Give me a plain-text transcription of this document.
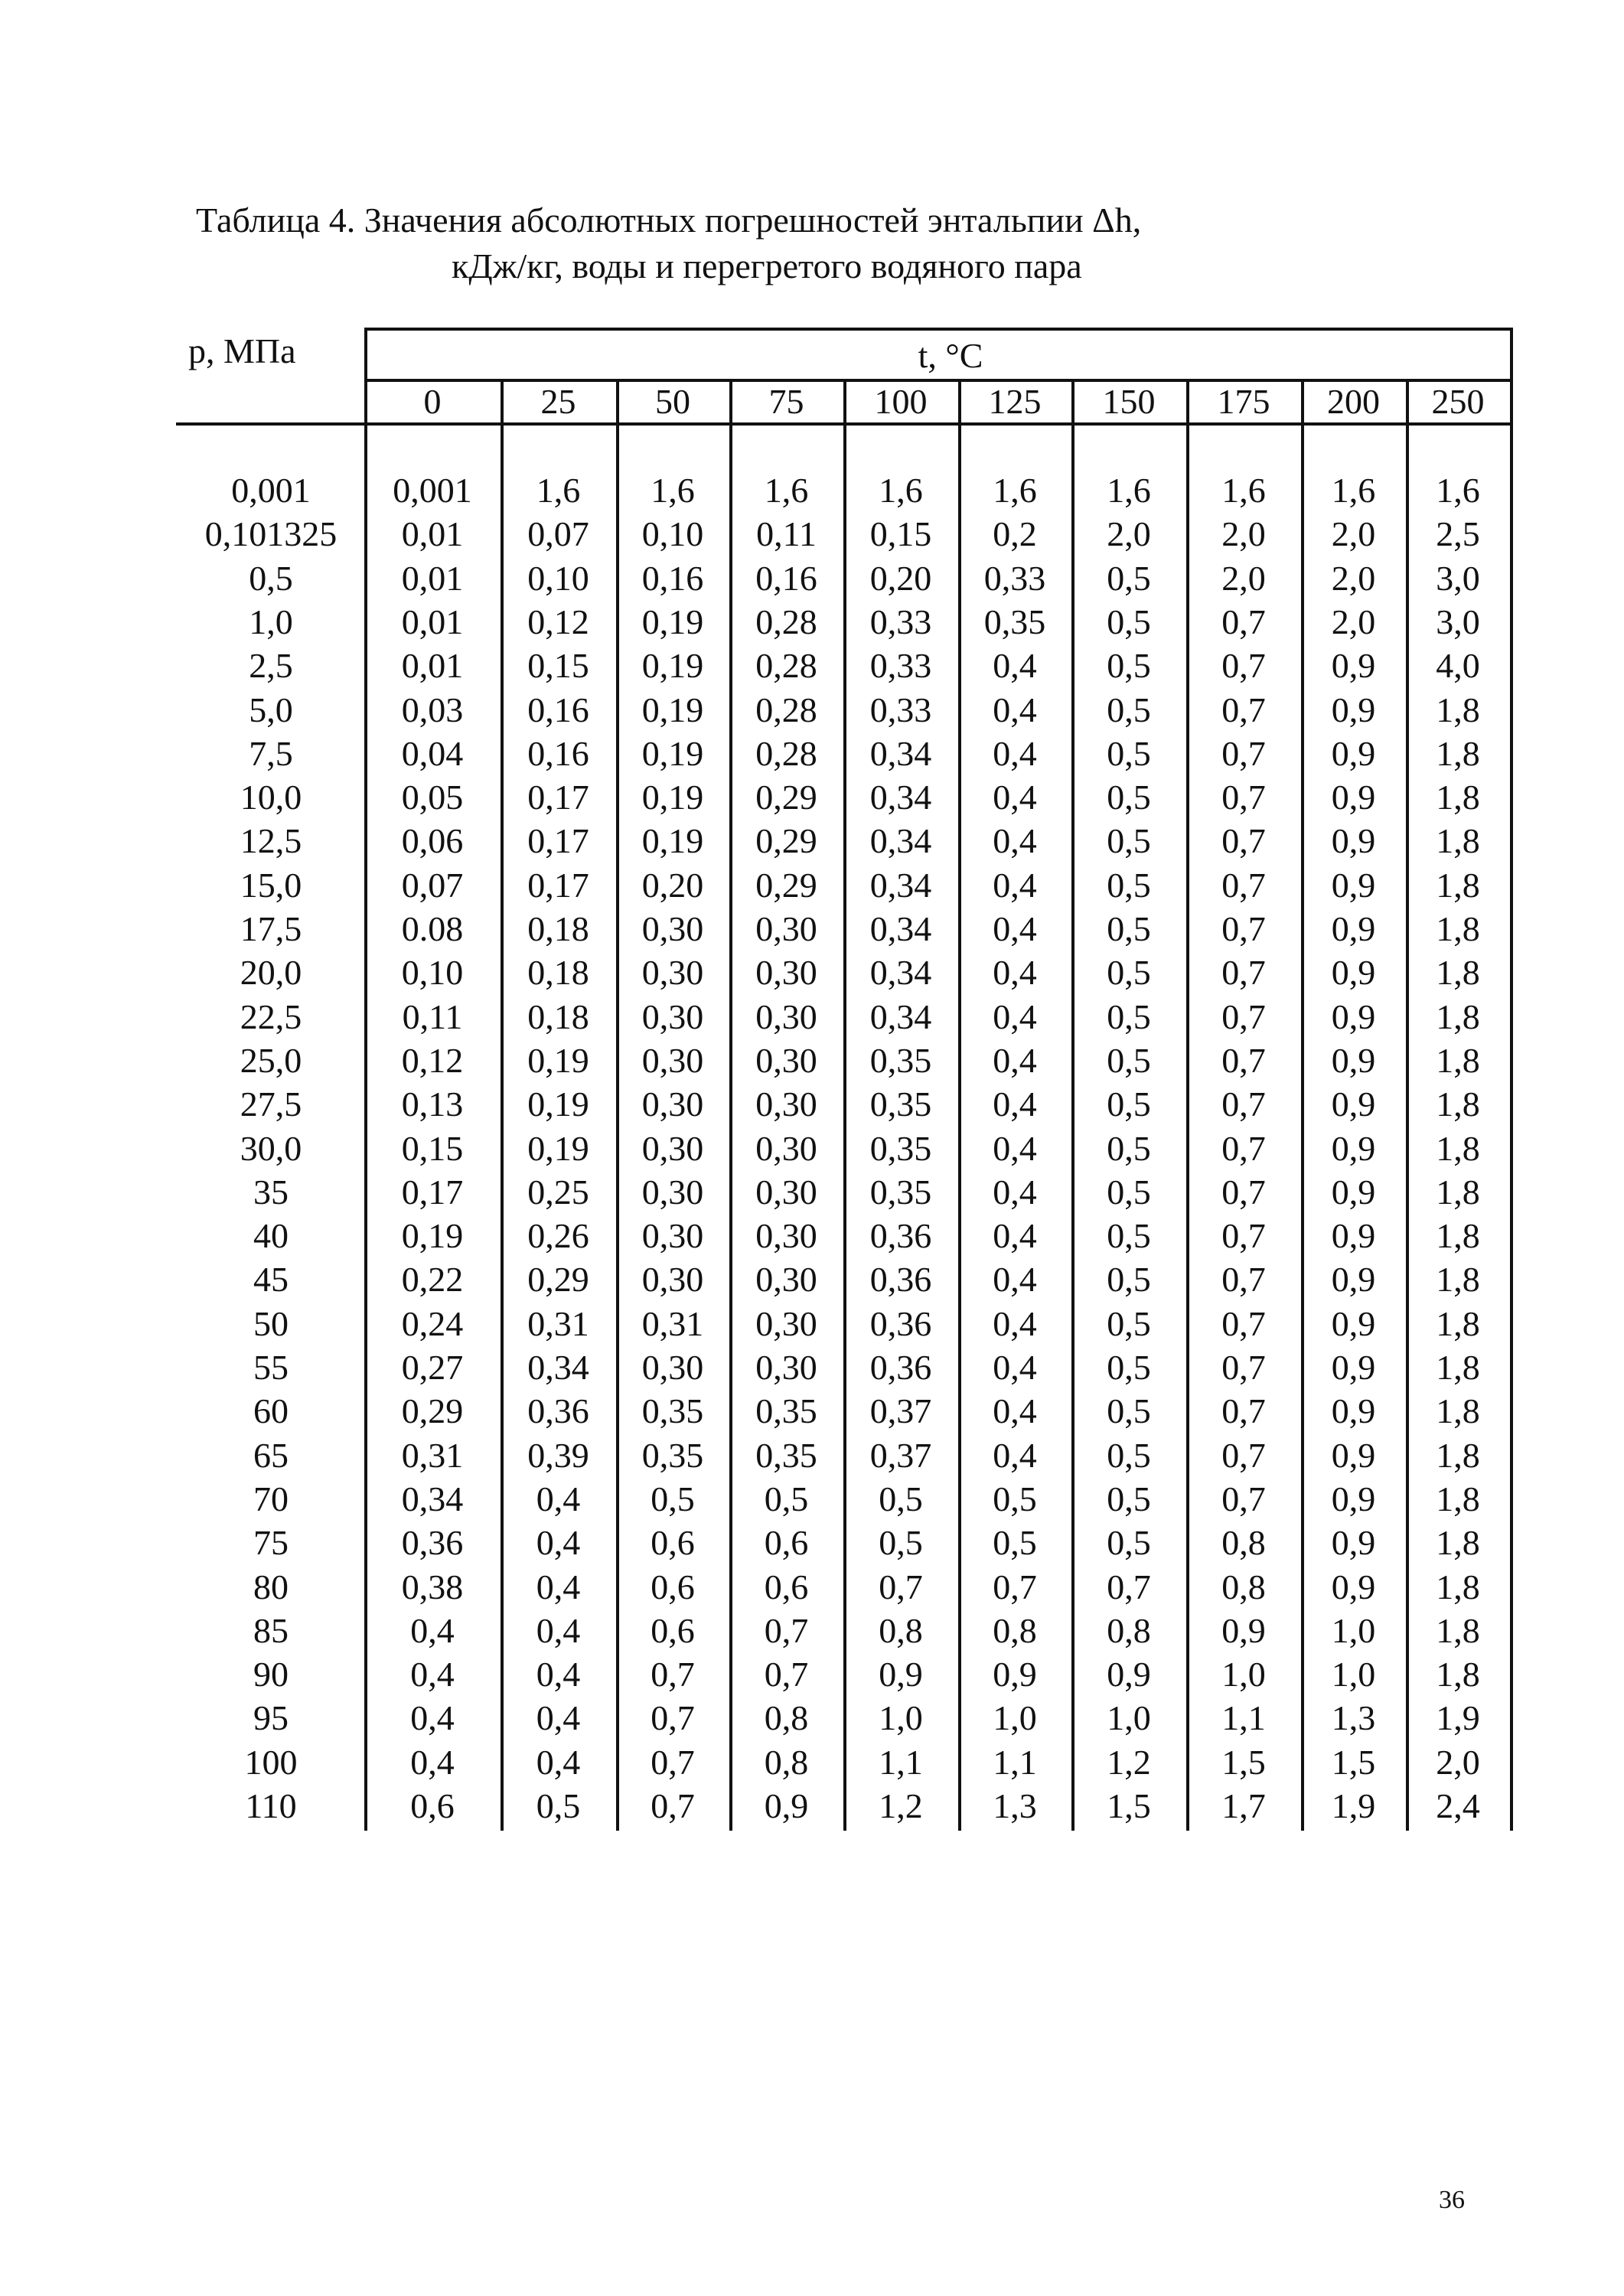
Таблица 4. Значения абсолютных погрешностей энтальпии Δh,
кДж/кг, воды и перегретого водяного пара
p, МПа	t, °C
0	25	50	75	100	125	150	175	200	250
0,001	0,001	1,6	1,6	1,6	1,6	1,6	1,6	1,6	1,6	1,6
0,101325	0,01	0,07	0,10	0,11	0,15	0,2	2,0	2,0	2,0	2,5
0,5	0,01	0,10	0,16	0,16	0,20	0,33	0,5	2,0	2,0	3,0
1,0	0,01	0,12	0,19	0,28	0,33	0,35	0,5	0,7	2,0	3,0
2,5	0,01	0,15	0,19	0,28	0,33	0,4	0,5	0,7	0,9	4,0
5,0	0,03	0,16	0,19	0,28	0,33	0,4	0,5	0,7	0,9	1,8
7,5	0,04	0,16	0,19	0,28	0,34	0,4	0,5	0,7	0,9	1,8
10,0	0,05	0,17	0,19	0,29	0,34	0,4	0,5	0,7	0,9	1,8
12,5	0,06	0,17	0,19	0,29	0,34	0,4	0,5	0,7	0,9	1,8
15,0	0,07	0,17	0,20	0,29	0,34	0,4	0,5	0,7	0,9	1,8
17,5	0.08	0,18	0,30	0,30	0,34	0,4	0,5	0,7	0,9	1,8
20,0	0,10	0,18	0,30	0,30	0,34	0,4	0,5	0,7	0,9	1,8
22,5	0,11	0,18	0,30	0,30	0,34	0,4	0,5	0,7	0,9	1,8
25,0	0,12	0,19	0,30	0,30	0,35	0,4	0,5	0,7	0,9	1,8
27,5	0,13	0,19	0,30	0,30	0,35	0,4	0,5	0,7	0,9	1,8
30,0	0,15	0,19	0,30	0,30	0,35	0,4	0,5	0,7	0,9	1,8
35	0,17	0,25	0,30	0,30	0,35	0,4	0,5	0,7	0,9	1,8
40	0,19	0,26	0,30	0,30	0,36	0,4	0,5	0,7	0,9	1,8
45	0,22	0,29	0,30	0,30	0,36	0,4	0,5	0,7	0,9	1,8
50	0,24	0,31	0,31	0,30	0,36	0,4	0,5	0,7	0,9	1,8
55	0,27	0,34	0,30	0,30	0,36	0,4	0,5	0,7	0,9	1,8
60	0,29	0,36	0,35	0,35	0,37	0,4	0,5	0,7	0,9	1,8
65	0,31	0,39	0,35	0,35	0,37	0,4	0,5	0,7	0,9	1,8
70	0,34	0,4	0,5	0,5	0,5	0,5	0,5	0,7	0,9	1,8
75	0,36	0,4	0,6	0,6	0,5	0,5	0,5	0,8	0,9	1,8
80	0,38	0,4	0,6	0,6	0,7	0,7	0,7	0,8	0,9	1,8
85	0,4	0,4	0,6	0,7	0,8	0,8	0,8	0,9	1,0	1,8
90	0,4	0,4	0,7	0,7	0,9	0,9	0,9	1,0	1,0	1,8
95	0,4	0,4	0,7	0,8	1,0	1,0	1,0	1,1	1,3	1,9
100	0,4	0,4	0,7	0,8	1,1	1,1	1,2	1,5	1,5	2,0
110	0,6	0,5	0,7	0,9	1,2	1,3	1,5	1,7	1,9	2,4
36
